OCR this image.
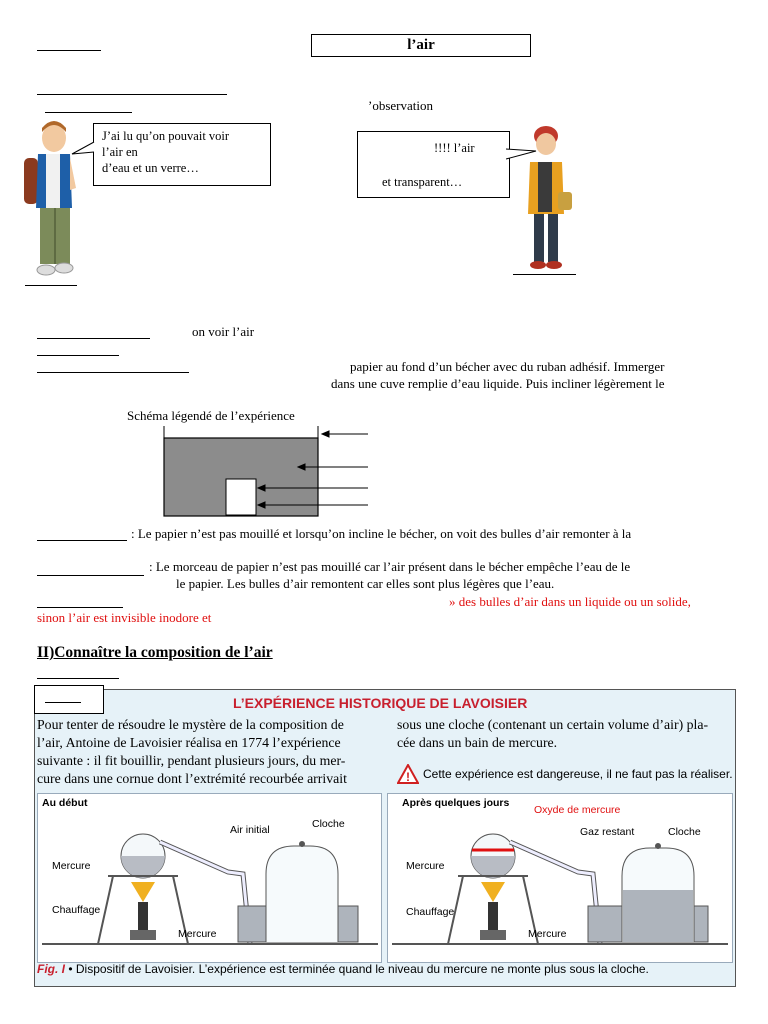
l’air
’observation
J’ai lu qu’on pouvait voir
l’air en
d’eau et un verre…
!!!! l’air
et transparent…
on voir l’air
papier au fond d’un bécher avec du ruban adhésif. Immerger
dans une cuve remplie d’eau liquide. Puis incliner légèrement le
Schéma légendé de l’expérience
: Le papier n’est pas mouillé et lorsqu’on incline le bécher, on voit des bulles d’air remonter à la
: Le morceau de papier n’est pas mouillé car l’air présent dans le bécher empêche l’eau de le
le papier. Les bulles d’air remontent car elles sont plus légères que l’eau.
» des bulles d’air dans un liquide ou un solide,
sinon l’air est invisible inodore et
II)Connaître la composition de l’air
L’EXPÉRIENCE HISTORIQUE DE LAVOISIER
Pour tenter de résoudre le mystère de la composition de
l’air, Antoine de Lavoisier réalisa en 1774 l’expérience
suivante : il fit bouillir, pendant plusieurs jours, du mer-
cure dans une cornue dont l’extrémité recourbée arrivait
sous une cloche (contenant un certain volume d’air) pla-
cée dans un bain de mercure.
! Cette expérience est dangereuse, il ne faut pas la réaliser.
Au début
Air initial	Cloche
Mercure
Chauffage
Mercure
Après quelques jours
Oxyde de mercure
Gaz restant	Cloche
Mercure
Chauffage
Mercure
Fig. I • Dispositif de Lavoisier. L’expérience est terminée quand le niveau du mercure ne monte plus sous la cloche.
